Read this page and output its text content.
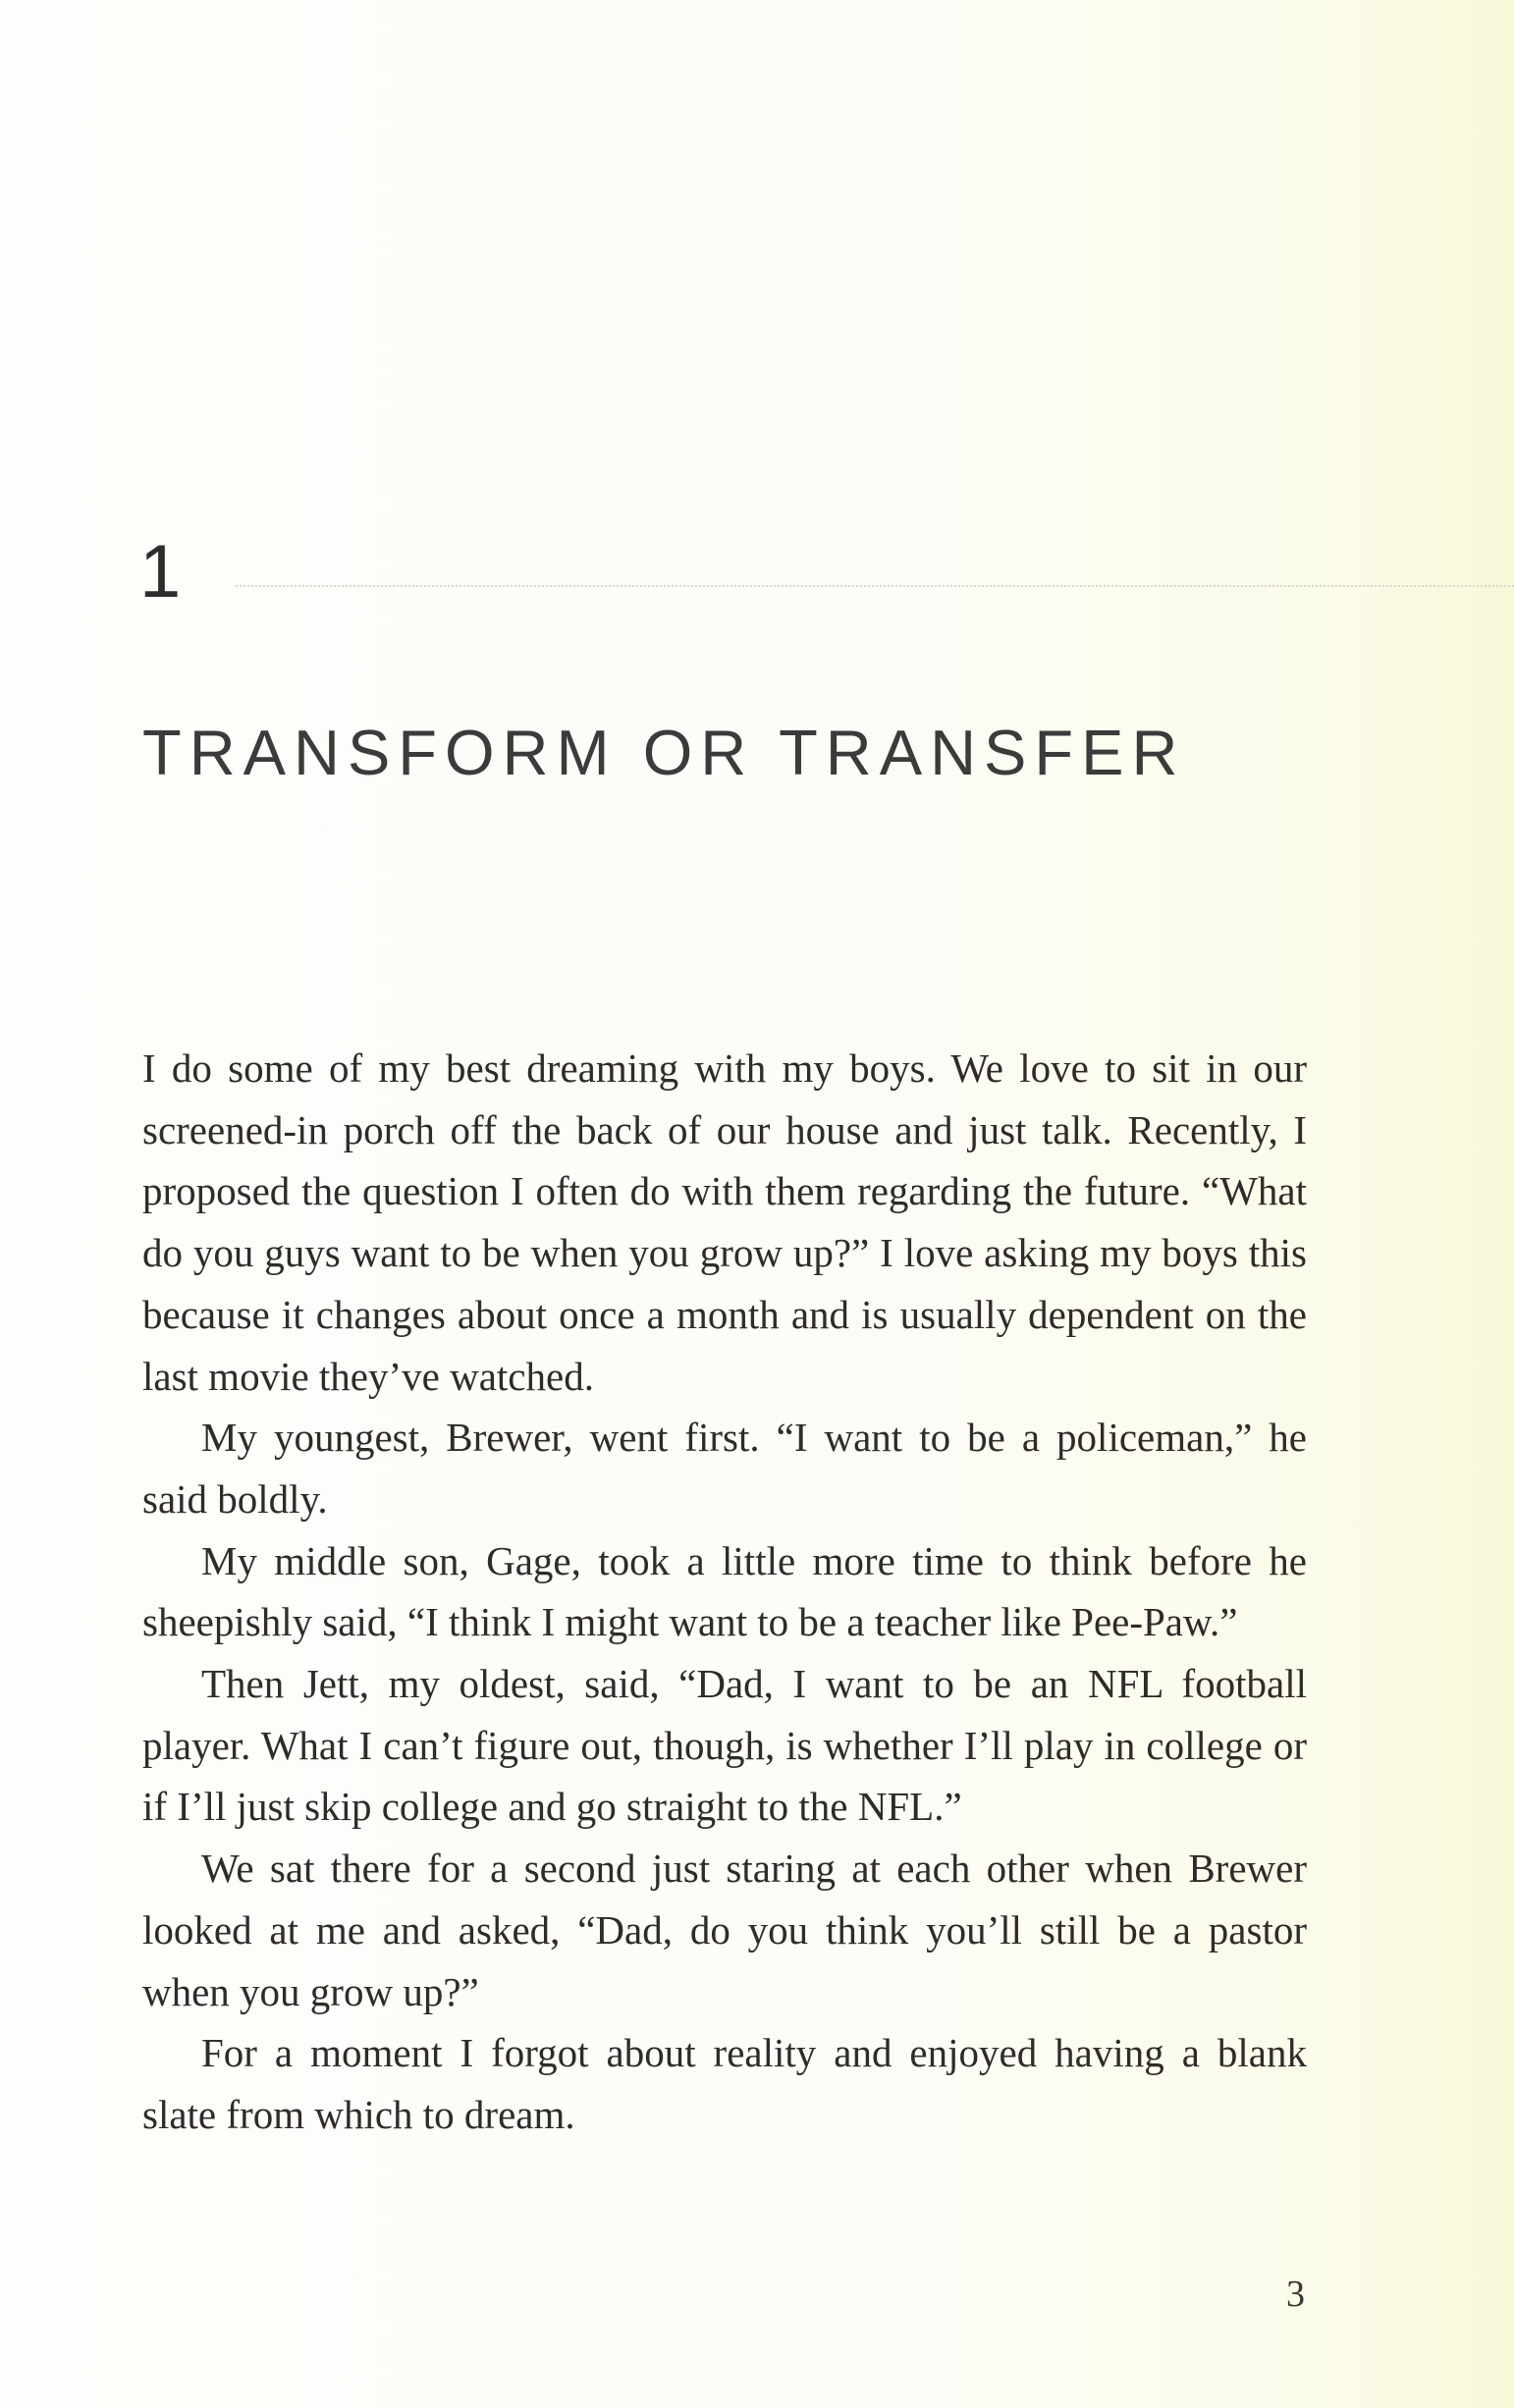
1
TRANSFORM OR TRANSFER

I do some of my best dreaming with my boys. We love to sit in our screened-in porch off the back of our house and just talk. Recently, I proposed the question I often do with them regarding the future. “What do you guys want to be when you grow up?” I love asking my boys this because it changes about once a month and is usually dependent on the last movie they’ve watched.

My youngest, Brewer, went first. “I want to be a policeman,” he said boldly.

My middle son, Gage, took a little more time to think before he sheepishly said, “I think I might want to be a teacher like Pee-Paw.”

Then Jett, my oldest, said, “Dad, I want to be an NFL football player. What I can’t figure out, though, is whether I’ll play in college or if I’ll just skip college and go straight to the NFL.”

We sat there for a second just staring at each other when Brewer looked at me and asked, “Dad, do you think you’ll still be a pastor when you grow up?”

For a moment I forgot about reality and enjoyed having a blank slate from which to dream.

3
